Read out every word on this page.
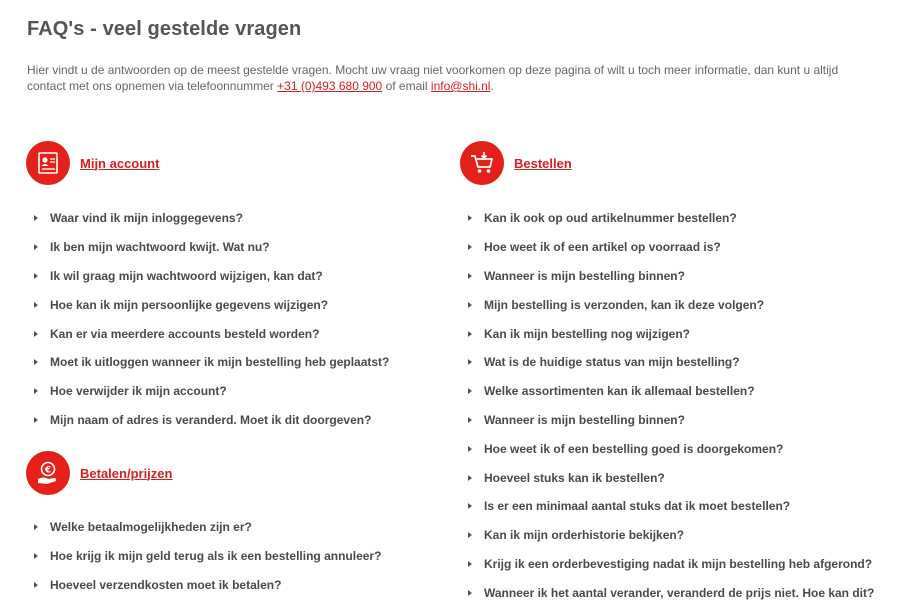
FAQ's - veel gestelde vragen

Hier vindt u de antwoorden op de meest gestelde vragen. Mocht uw vraag niet voorkomen op deze pagina of wilt u toch meer informatie, dan kunt u altijd contact met ons opnemen via telefoonnummer +31 (0)493 680 900 of email info@shi.nl.

Mijn account
Waar vind ik mijn inloggegevens?
Ik ben mijn wachtwoord kwijt. Wat nu?
Ik wil graag mijn wachtwoord wijzigen, kan dat?
Hoe kan ik mijn persoonlijke gegevens wijzigen?
Kan er via meerdere accounts besteld worden?
Moet ik uitloggen wanneer ik mijn bestelling heb geplaatst?
Hoe verwijder ik mijn account?
Mijn naam of adres is veranderd. Moet ik dit doorgeven?
€ Betalen/prijzen
Welke betaalmogelijkheden zijn er?
Hoe krijg ik mijn geld terug als ik een bestelling annuleer?
Hoeveel verzendkosten moet ik betalen?
Bestellen
Kan ik ook op oud artikelnummer bestellen?
Hoe weet ik of een artikel op voorraad is?
Wanneer is mijn bestelling binnen?
Mijn bestelling is verzonden, kan ik deze volgen?
Kan ik mijn bestelling nog wijzigen?
Wat is de huidige status van mijn bestelling?
Welke assortimenten kan ik allemaal bestellen?
Wanneer is mijn bestelling binnen?
Hoe weet ik of een bestelling goed is doorgekomen?
Hoeveel stuks kan ik bestellen?
Is er een minimaal aantal stuks dat ik moet bestellen?
Kan ik mijn orderhistorie bekijken?
Krijg ik een orderbevestiging nadat ik mijn bestelling heb afgerond?
Wanneer ik het aantal verander, veranderd de prijs niet. Hoe kan dit?
